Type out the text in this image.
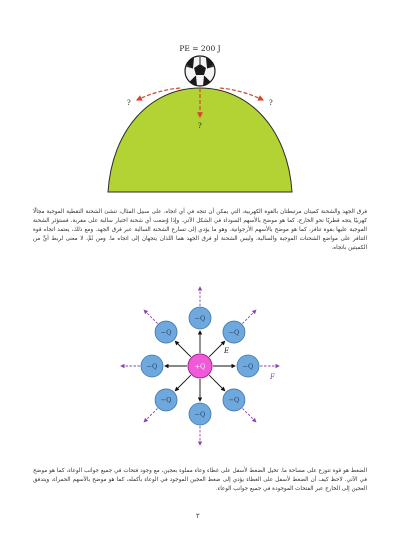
PE = 200 J
?	?
?

فرق الجهد والشحنة كميتان مرتبطتان بالقوة الكهربية، التي يمكن أن تتجه في أي اتجاه. على سبيل المثال، تنشئ الشحنة النقطية الموجبة مجالًا كهربيًا يتجه قطريًا نحو الخارج، كما هو موضح بالأسهم السوداء في الشكل الآتي. وإذا وُضعت أي شحنة اختبار سالبة على مقربة، فستؤثر الشحنة الموجبة عليها بقوة تنافر، كما هو موضح بالأسهم الأرجوانية. وهو ما يؤدي إلى تسارع الشحنة السالبة عبر فرق الجهد. ومع ذلك، يعتمد اتجاه قوة التنافر على مواضع الشحنات الموجبة والسالبة، وليس الشحنة أو فرق الجهد هما اللذان يتجهان إلى اتجاه ما. ومن ثَمَّ، لا معنى لربط أيٍّ من الكميتين باتجاه.

−Q
−Q
−Q
−Q
−Q
−Q
−Q
−Q
+Q
E
F

الضغط هو قوة تتوزع على مساحة ما. تخيل الضغط لأسفل على غطاء وعاء مملوء بعجين، مع وجود فتحات في جميع جوانب الوعاء، كما هو موضح في الآتي. لاحظ كيف أن الضغط لأسفل على الغطاء يؤدي إلى ضغط العجين الموجود في الوعاء بأكمله، كما هو موضح بالأسهم الحمراء، ويتدفق العجين إلى الخارج عبر الفتحات الموجودة في جميع جوانب الوعاء.

٢
